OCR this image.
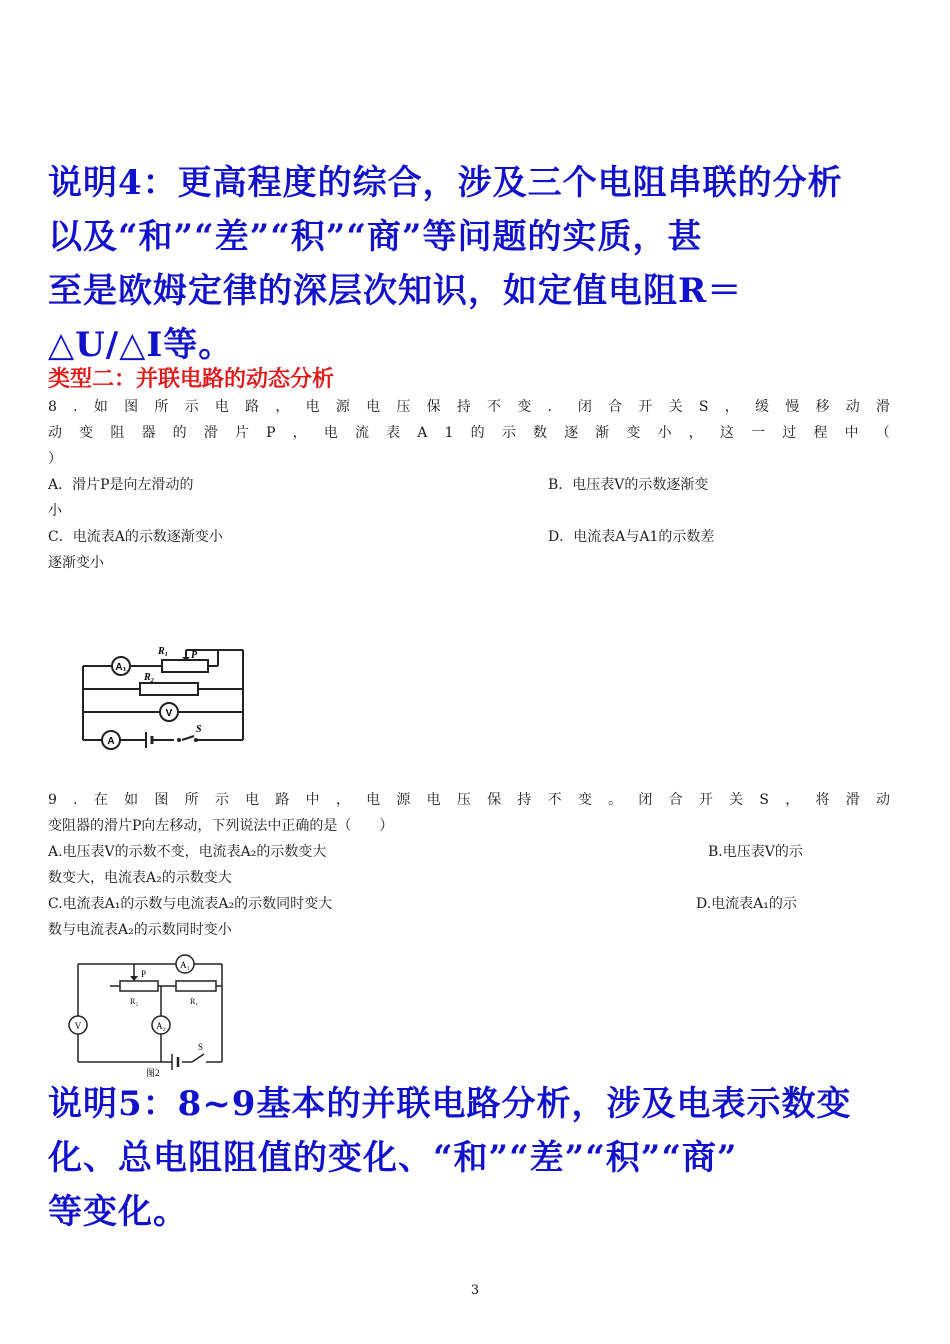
说明4：更高程度的综合，涉及三个电阻串联的分析
以及“和”“差”“积”“商”等问题的实质，甚
至是欧姆定律的深层次知识，如定值电阻R＝
△U/△I等。
类型二：并联电路的动态分析
8 . 如 图 所 示 电 路 ， 电 源 电 压 保 持 不 变 ． 闭 合 开 关 S ， 缓 慢 移 动 滑
动 变 阻 器 的 滑 片 P ， 电 流 表 A 1 的 示 数 逐 渐 变 小 ， 这 一 过 程 中 （
）
A．滑片P是向左滑动的	B．电压表V的示数逐渐变
小
C．电流表A的示数逐渐变小	D．电流表A与A1的示数差
逐渐变小
A₁
V
A
R₁ P
R₂
S
9 . 在 如 图 所 示 电 路 中 ， 电 源 电 压 保 持 不 变 。 闭 合 开 关 S ， 将 滑 动
变阻器的滑片P向左移动，下列说法中正确的是（　　）
A.电压表V的示数不变，电流表A₂的示数变大	B.电压表V的示
数变大，电流表A₂的示数变大
C.电流表A₁的示数与电流表A₂的示数同时变大	D.电流表A₁的示
数与电流表A₂的示数同时变小
A₁
A₂
V
P
R₂	R₁
S
图2
说明5：8~9基本的并联电路分析，涉及电表示数变
化、总电阻阻值的变化、“和”“差”“积”“商”
等变化。
3
